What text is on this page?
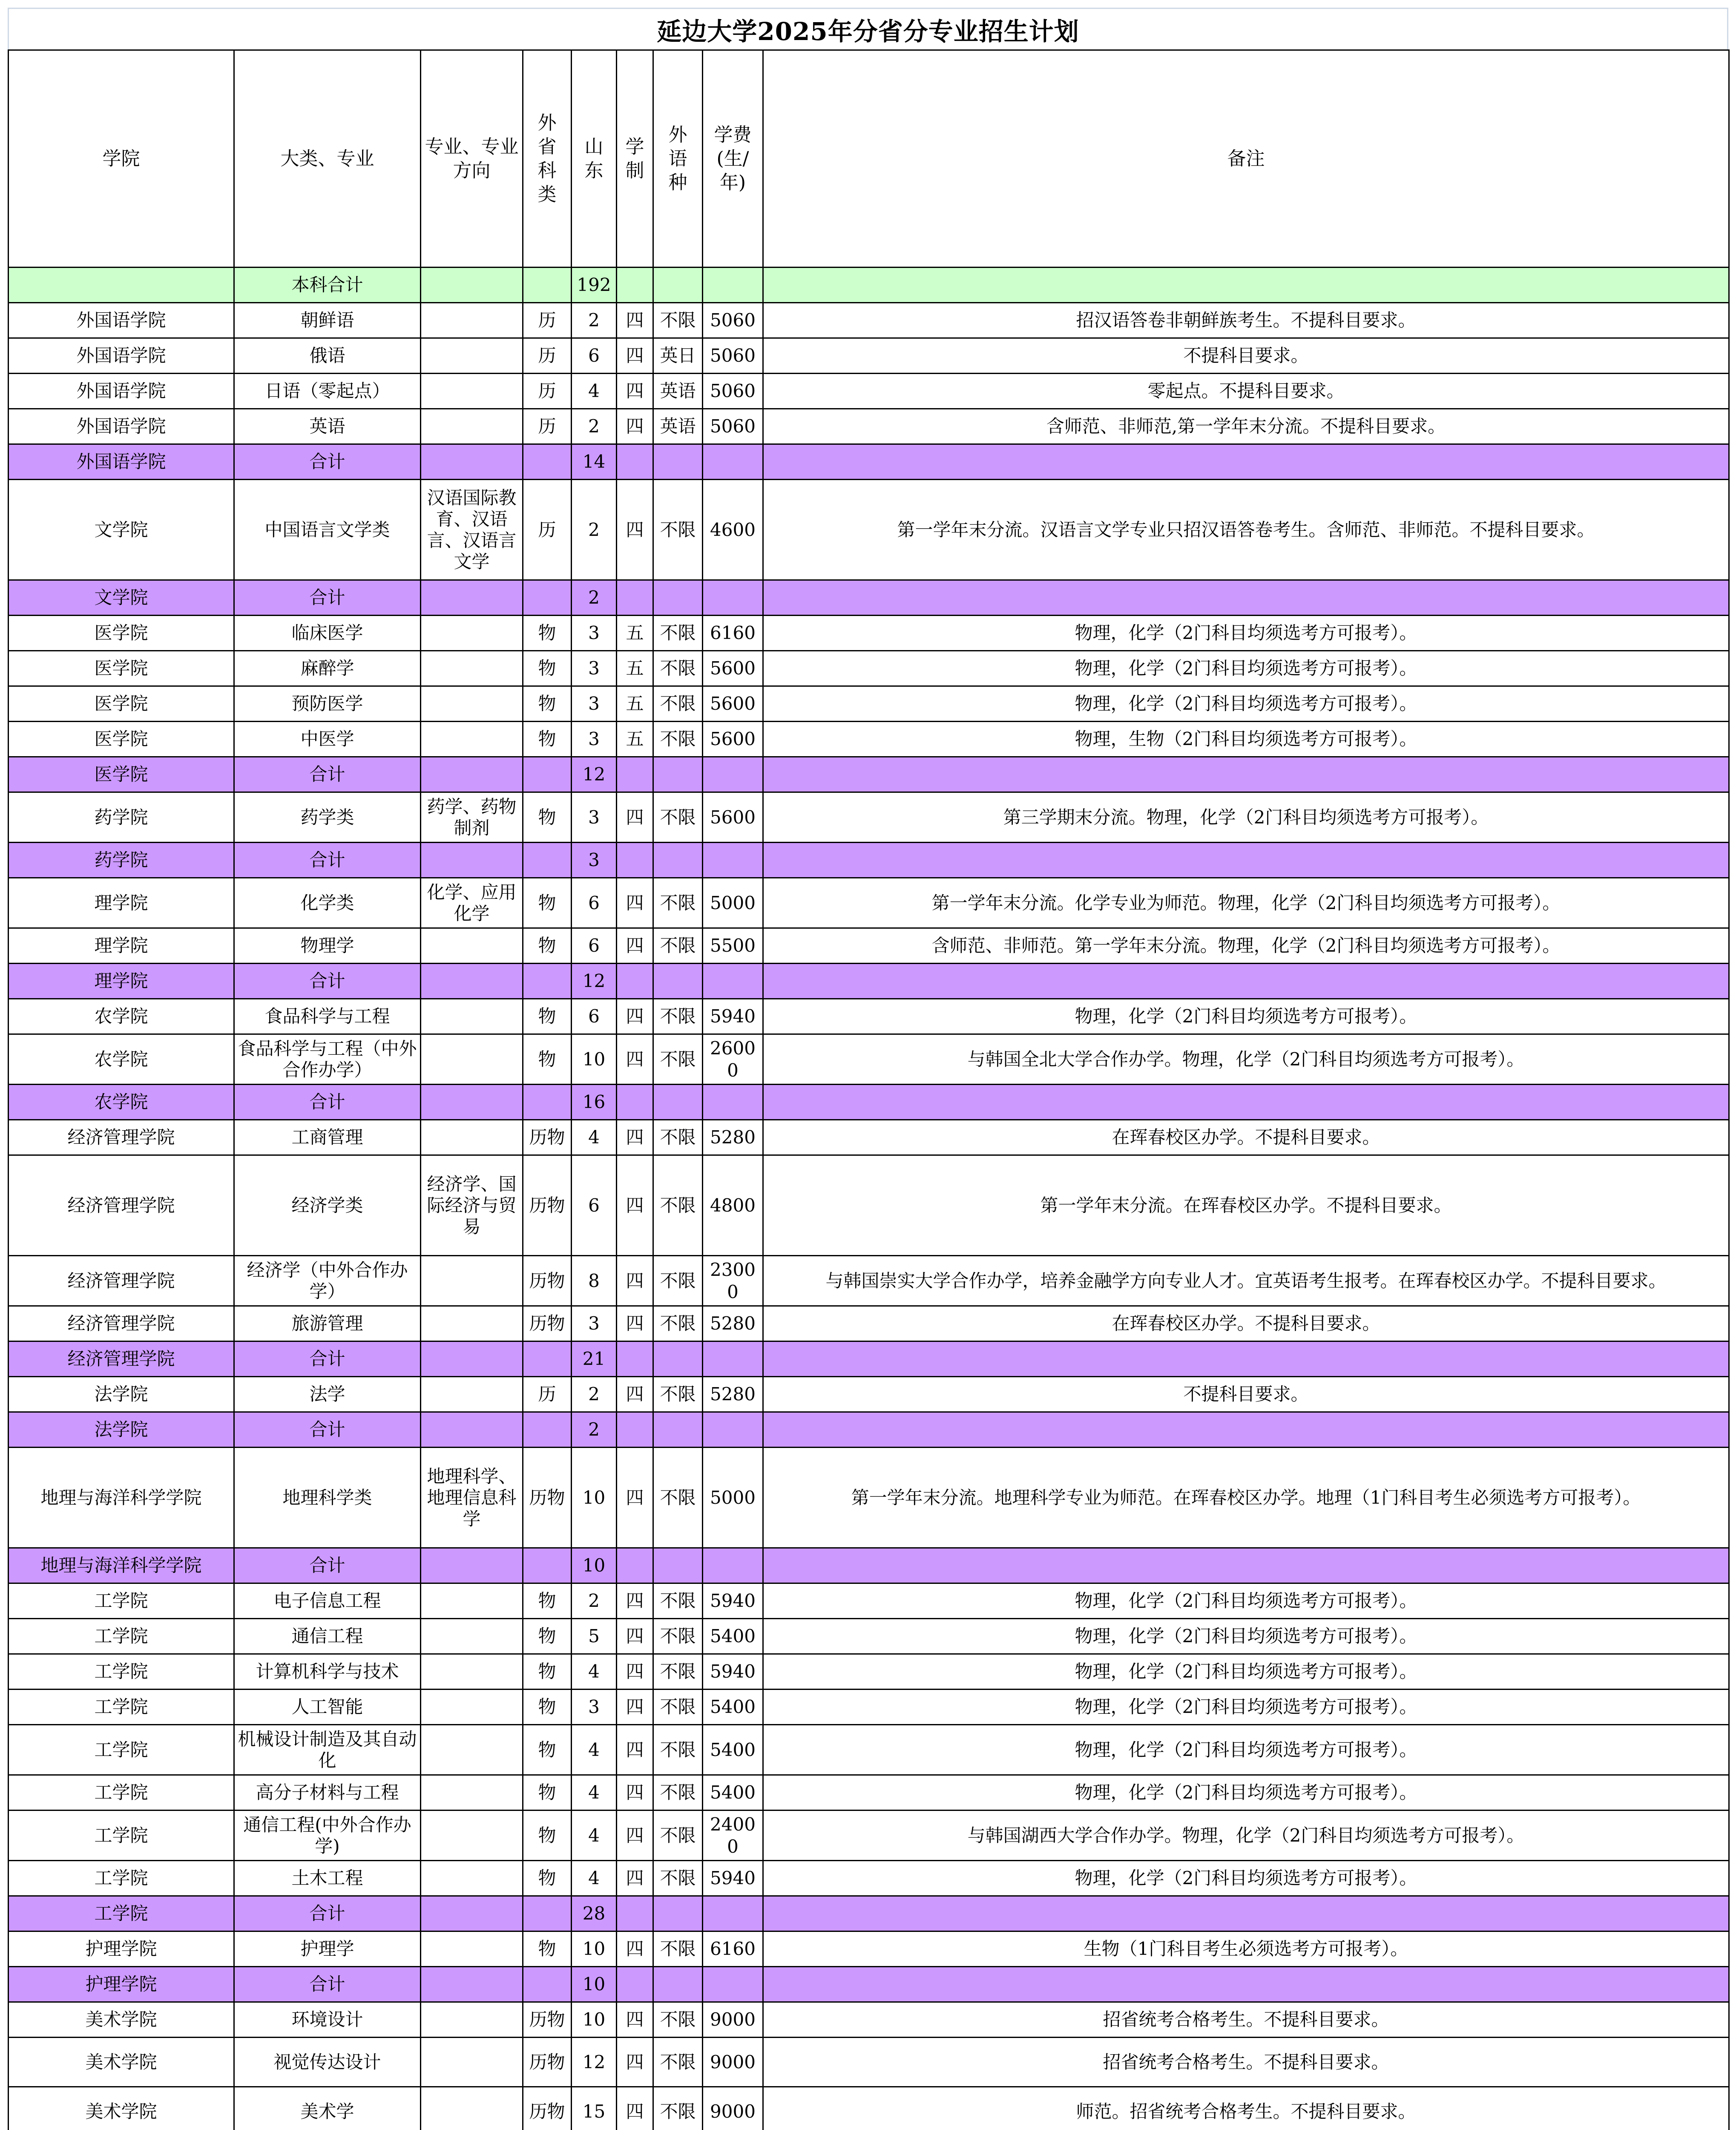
延边大学2025年分省分专业招生计划
学院	大类、专业	专业、专业方向	外省科类	山东	学制	外语种	学费(生/年)	备注
	本科合计			192				
外国语学院	朝鲜语		历	2	四	不限	5060	招汉语答卷非朝鲜族考生。不提科目要求。
外国语学院	俄语		历	6	四	英日	5060	不提科目要求。
外国语学院	日语（零起点）		历	4	四	英语	5060	零起点。不提科目要求。
外国语学院	英语		历	2	四	英语	5060	含师范、非师范,第一学年末分流。不提科目要求。
外国语学院	合计			14				
文学院	中国语言文学类	汉语国际教育、汉语言、汉语言文学	历	2	四	不限	4600	第一学年末分流。汉语言文学专业只招汉语答卷考生。含师范、非师范。不提科目要求。
文学院	合计			2				
医学院	临床医学		物	3	五	不限	6160	物理，化学（2门科目均须选考方可报考）。
医学院	麻醉学		物	3	五	不限	5600	物理，化学（2门科目均须选考方可报考）。
医学院	预防医学		物	3	五	不限	5600	物理，化学（2门科目均须选考方可报考）。
医学院	中医学		物	3	五	不限	5600	物理，生物（2门科目均须选考方可报考）。
医学院	合计			12				
药学院	药学类	药学、药物制剂	物	3	四	不限	5600	第三学期末分流。物理，化学（2门科目均须选考方可报考）。
药学院	合计			3				
理学院	化学类	化学、应用化学	物	6	四	不限	5000	第一学年末分流。化学专业为师范。物理，化学（2门科目均须选考方可报考）。
理学院	物理学		物	6	四	不限	5500	含师范、非师范。第一学年末分流。物理，化学（2门科目均须选考方可报考）。
理学院	合计			12				
农学院	食品科学与工程		物	6	四	不限	5940	物理，化学（2门科目均须选考方可报考）。
农学院	食品科学与工程（中外合作办学）		物	10	四	不限	26000	与韩国全北大学合作办学。物理，化学（2门科目均须选考方可报考）。
农学院	合计			16				
经济管理学院	工商管理		历物	4	四	不限	5280	在珲春校区办学。不提科目要求。
经济管理学院	经济学类	经济学、国际经济与贸易	历物	6	四	不限	4800	第一学年末分流。在珲春校区办学。不提科目要求。
经济管理学院	经济学（中外合作办学）		历物	8	四	不限	23000	与韩国崇实大学合作办学，培养金融学方向专业人才。宜英语考生报考。在珲春校区办学。不提科目要求。
经济管理学院	旅游管理		历物	3	四	不限	5280	在珲春校区办学。不提科目要求。
经济管理学院	合计			21				
法学院	法学		历	2	四	不限	5280	不提科目要求。
法学院	合计			2				
地理与海洋科学学院	地理科学类	地理科学、地理信息科学	历物	10	四	不限	5000	第一学年末分流。地理科学专业为师范。在珲春校区办学。地理（1门科目考生必须选考方可报考）。
地理与海洋科学学院	合计			10				
工学院	电子信息工程		物	2	四	不限	5940	物理，化学（2门科目均须选考方可报考）。
工学院	通信工程		物	5	四	不限	5400	物理，化学（2门科目均须选考方可报考）。
工学院	计算机科学与技术		物	4	四	不限	5940	物理，化学（2门科目均须选考方可报考）。
工学院	人工智能		物	3	四	不限	5400	物理，化学（2门科目均须选考方可报考）。
工学院	机械设计制造及其自动化		物	4	四	不限	5400	物理，化学（2门科目均须选考方可报考）。
工学院	高分子材料与工程		物	4	四	不限	5400	物理，化学（2门科目均须选考方可报考）。
工学院	通信工程(中外合作办学)		物	4	四	不限	24000	与韩国湖西大学合作办学。物理，化学（2门科目均须选考方可报考）。
工学院	土木工程		物	4	四	不限	5940	物理，化学（2门科目均须选考方可报考）。
工学院	合计			28				
护理学院	护理学		物	10	四	不限	6160	生物（1门科目考生必须选考方可报考）。
护理学院	合计			10				
美术学院	环境设计		历物	10	四	不限	9000	招省统考合格考生。不提科目要求。
美术学院	视觉传达设计		历物	12	四	不限	9000	招省统考合格考生。不提科目要求。
美术学院	美术学		历物	15	四	不限	9000	师范。招省统考合格考生。不提科目要求。
